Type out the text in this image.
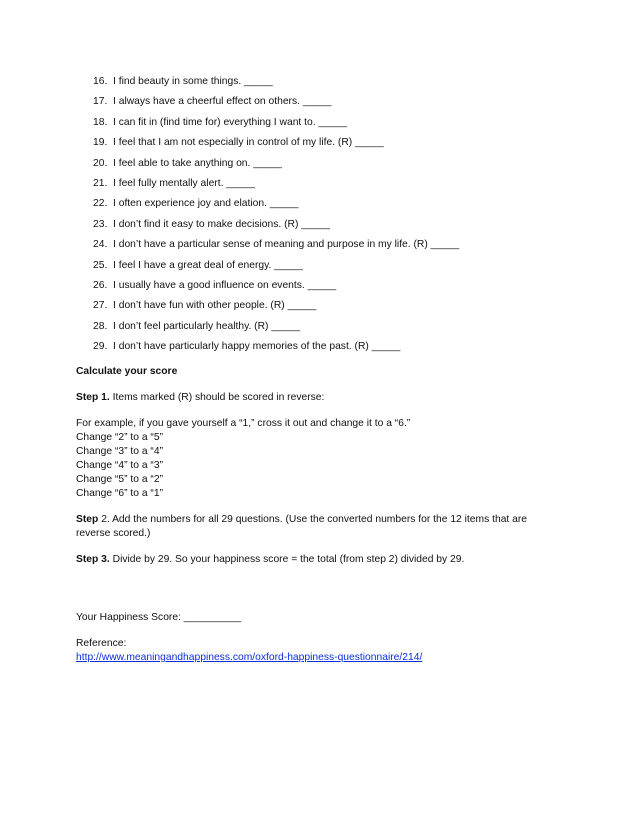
16. I find beauty in some things. _____
17. I always have a cheerful effect on others. _____
18. I can fit in (find time for) everything I want to. _____
19. I feel that I am not especially in control of my life. (R) _____
20. I feel able to take anything on. _____
21. I feel fully mentally alert. _____
22. I often experience joy and elation. _____
23. I don’t find it easy to make decisions. (R) _____
24. I don’t have a particular sense of meaning and purpose in my life. (R) _____
25. I feel I have a great deal of energy. _____
26. I usually have a good influence on events. _____
27. I don’t have fun with other people. (R) _____
28. I don’t feel particularly healthy. (R) _____
29. I don’t have particularly happy memories of the past. (R) _____

Calculate your score

Step 1. Items marked (R) should be scored in reverse:

For example, if you gave yourself a “1,” cross it out and change it to a “6.”

Change “2” to a “5”

Change “3” to a “4”

Change “4” to a “3”

Change “5” to a “2”

Change “6” to a “1”

Step 2. Add the numbers for all 29 questions. (Use the converted numbers for the 12 items that are reverse scored.)

Step 3. Divide by 29. So your happiness score = the total (from step 2) divided by 29.

Your Happiness Score: __________

Reference:

http://www.meaningandhappiness.com/oxford-happiness-questionnaire/214/
